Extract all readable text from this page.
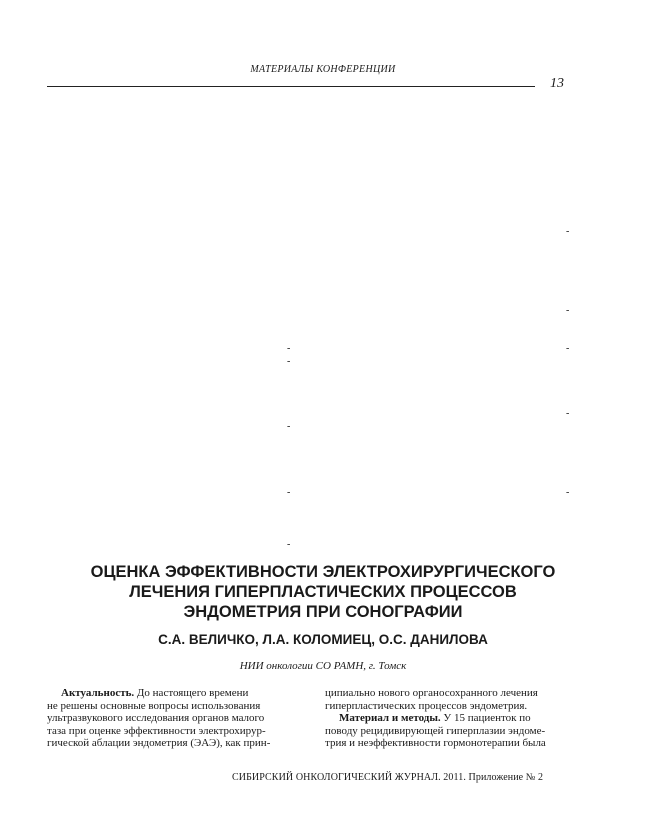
МАТЕРИАЛЫ КОНФЕРЕНЦИИ
13
-
-
-
-
-
-
-
-
-
-
ОЦЕНКА ЭФФЕКТИВНОСТИ ЭЛЕКТРОХИРУРГИЧЕСКОГО
ЛЕЧЕНИЯ ГИПЕРПЛАСТИЧЕСКИХ ПРОЦЕССОВ
ЭНДОМЕТРИЯ ПРИ СОНОГРАФИИ
С.А. ВЕЛИЧКО, Л.А. КОЛОМИЕЦ, О.С. ДАНИЛОВА
НИИ онкологии СО РАМН, г. Томск
Актуальность. До настоящего времени
не решены основные вопросы использования
ультразвукового исследования органов малого
таза при оценке эффективности электрохирур-
гической аблации эндометрия (ЭАЭ), как прин-
ципиально нового органосохранного лечения
гиперпластических процессов эндометрия.
Материал и методы. У 15 пациенток по
поводу рецидивирующей гиперплазии эндоме-
трия и неэффективности гормонотерапии была
СИБИРСКИЙ ОНКОЛОГИЧЕСКИЙ ЖУРНАЛ. 2011. Приложение № 2
